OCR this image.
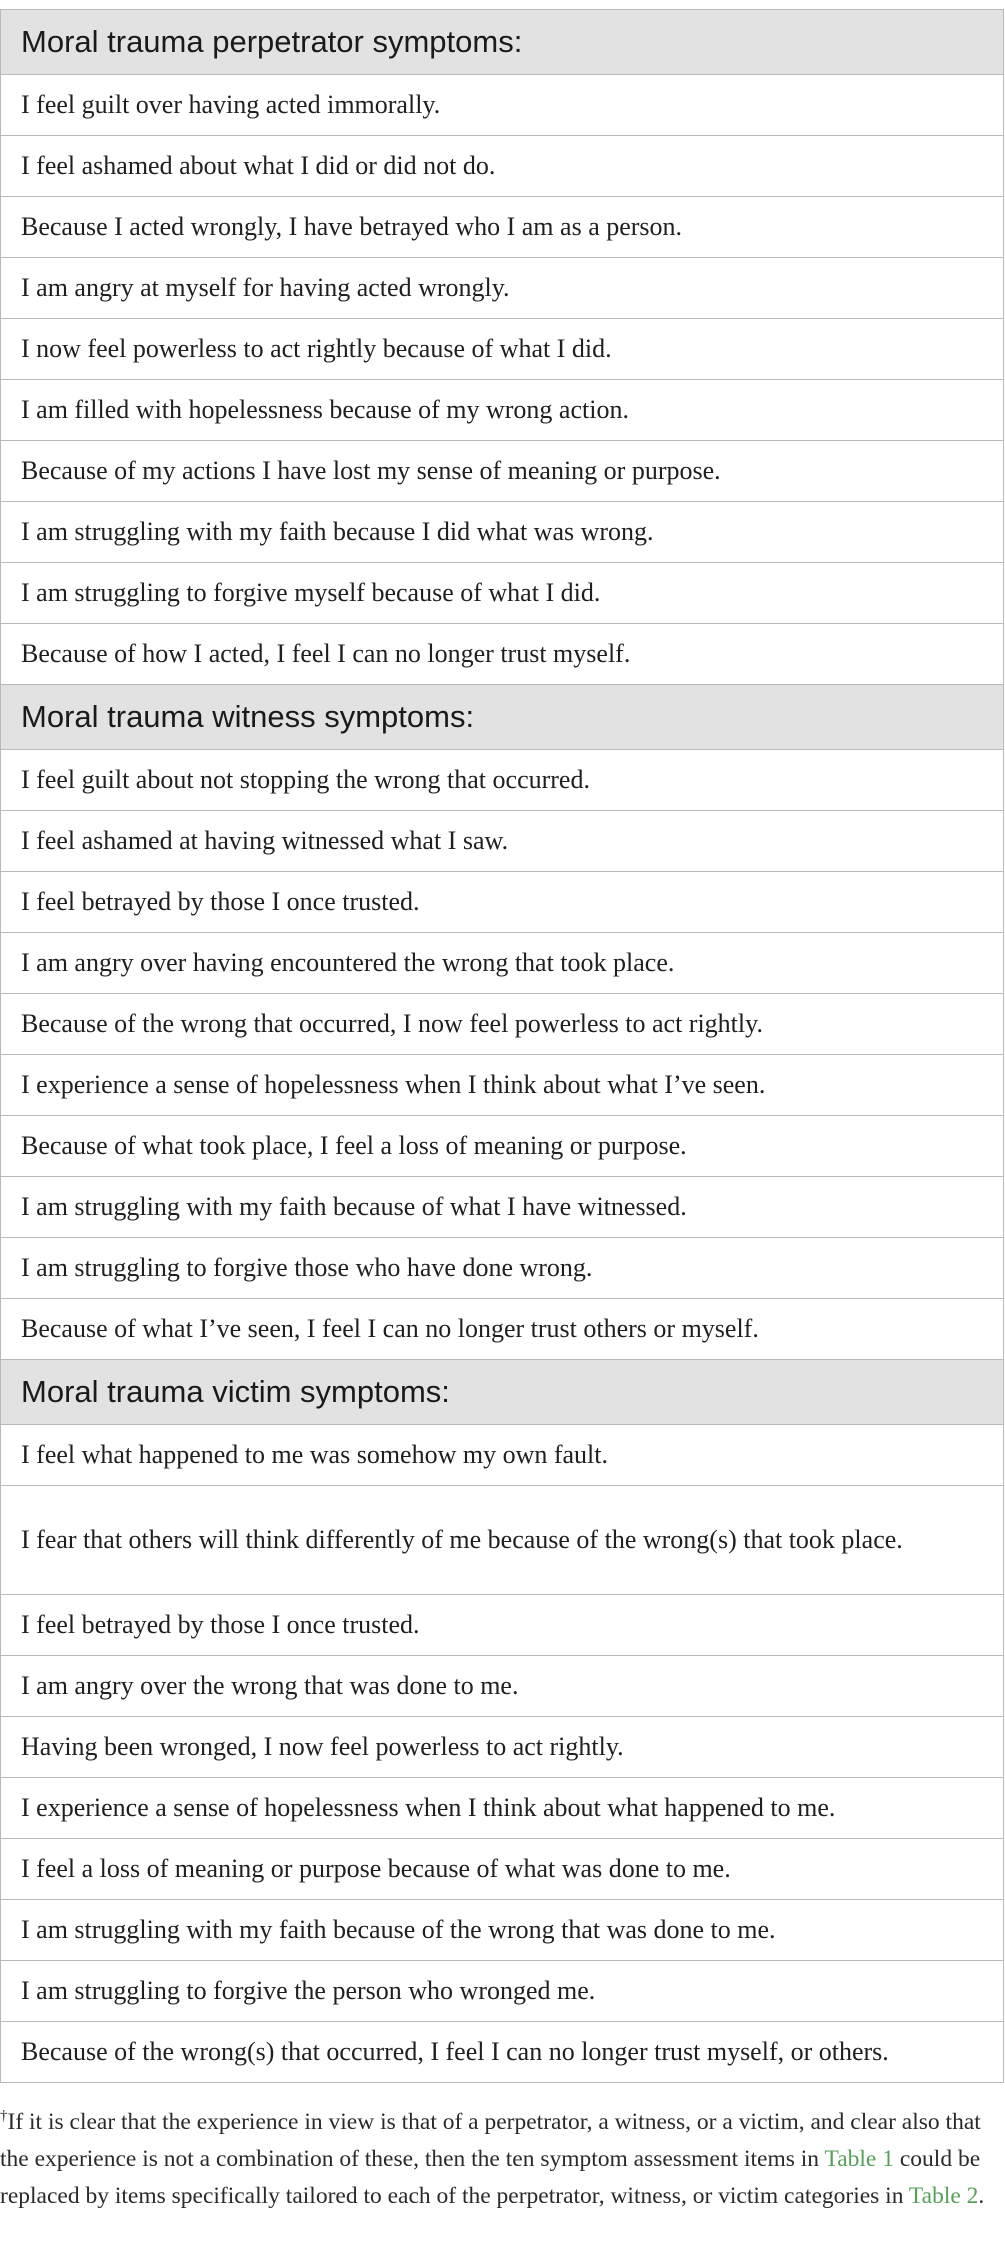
Moral trauma perpetrator symptoms:
I feel guilt over having acted immorally.
I feel ashamed about what I did or did not do.
Because I acted wrongly, I have betrayed who I am as a person.
I am angry at myself for having acted wrongly.
I now feel powerless to act rightly because of what I did.
I am filled with hopelessness because of my wrong action.
Because of my actions I have lost my sense of meaning or purpose.
I am struggling with my faith because I did what was wrong.
I am struggling to forgive myself because of what I did.
Because of how I acted, I feel I can no longer trust myself.
Moral trauma witness symptoms:
I feel guilt about not stopping the wrong that occurred.
I feel ashamed at having witnessed what I saw.
I feel betrayed by those I once trusted.
I am angry over having encountered the wrong that took place.
Because of the wrong that occurred, I now feel powerless to act rightly.
I experience a sense of hopelessness when I think about what I’ve seen.
Because of what took place, I feel a loss of meaning or purpose.
I am struggling with my faith because of what I have witnessed.
I am struggling to forgive those who have done wrong.
Because of what I’ve seen, I feel I can no longer trust others or myself.
Moral trauma victim symptoms:
I feel what happened to me was somehow my own fault.
I fear that others will think differently of me because of the wrong(s) that took place.
I feel betrayed by those I once trusted.
I am angry over the wrong that was done to me.
Having been wronged, I now feel powerless to act rightly.
I experience a sense of hopelessness when I think about what happened to me.
I feel a loss of meaning or purpose because of what was done to me.
I am struggling with my faith because of the wrong that was done to me.
I am struggling to forgive the person who wronged me.
Because of the wrong(s) that occurred, I feel I can no longer trust myself, or others.
†If it is clear that the experience in view is that of a perpetrator, a witness, or a victim, and clear also that the experience is not a combination of these, then the ten symptom assessment items in Table 1 could be replaced by items specifically tailored to each of the perpetrator, witness, or victim categories in Table 2.
